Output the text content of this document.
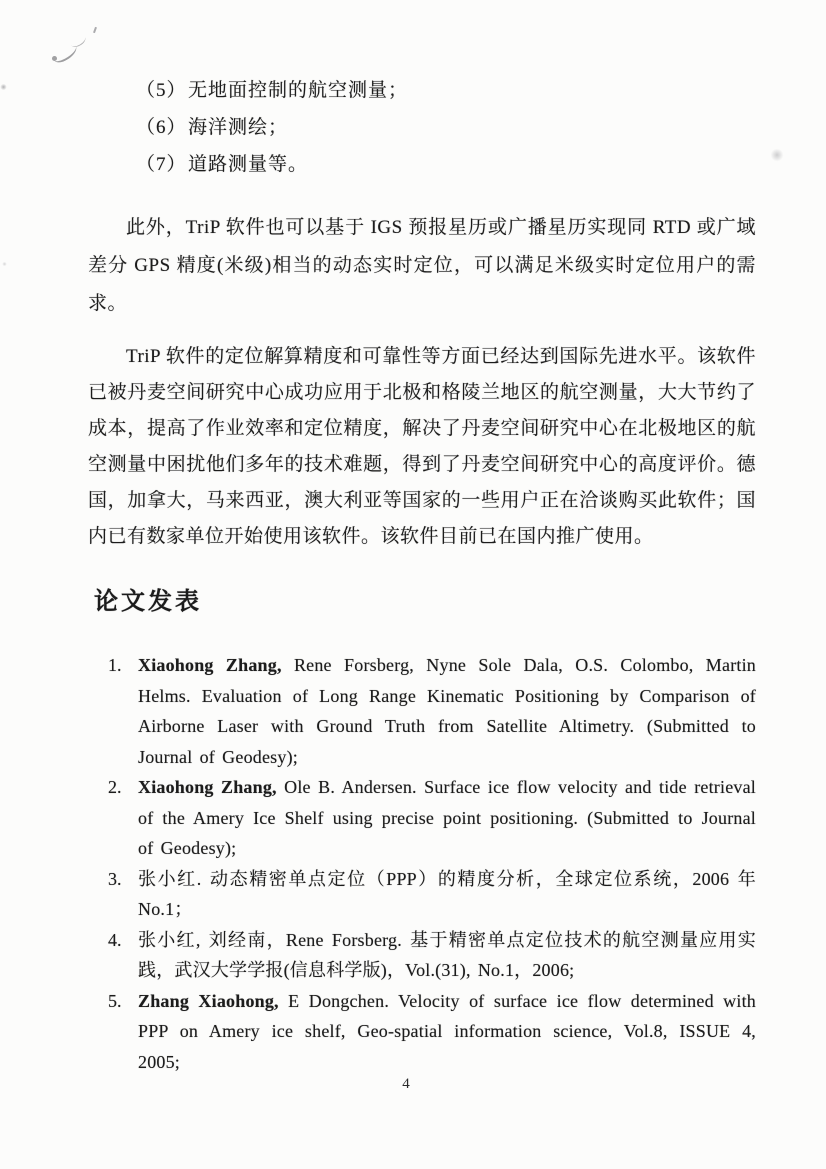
（5）无地面控制的航空测量；
（6）海洋测绘；
（7）道路测量等。

此外，TriP 软件也可以基于 IGS 预报星历或广播星历实现同 RTD 或广域差分 GPS 精度(米级)相当的动态实时定位，可以满足米级实时定位用户的需求。

TriP 软件的定位解算精度和可靠性等方面已经达到国际先进水平。该软件已被丹麦空间研究中心成功应用于北极和格陵兰地区的航空测量，大大节约了成本，提高了作业效率和定位精度，解决了丹麦空间研究中心在北极地区的航空测量中困扰他们多年的技术难题，得到了丹麦空间研究中心的高度评价。德国，加拿大，马来西亚，澳大利亚等国家的一些用户正在洽谈购买此软件；国内已有数家单位开始使用该软件。该软件目前已在国内推广使用。

论文发表
1. Xiaohong Zhang, Rene Forsberg, Nyne Sole Dala, O.S. Colombo, Martin Helms. Evaluation of Long Range Kinematic Positioning by Comparison of Airborne Laser with Ground Truth from Satellite Altimetry. (Submitted to Journal of Geodesy);
2. Xiaohong Zhang, Ole B. Andersen. Surface ice flow velocity and tide retrieval of the Amery Ice Shelf using precise point positioning. (Submitted to Journal of Geodesy);
3. 张小红. 动态精密单点定位（PPP）的精度分析，全球定位系统，2006 年 No.1；
4. 张小红, 刘经南，Rene Forsberg. 基于精密单点定位技术的航空测量应用实践，武汉大学学报(信息科学版)，Vol.(31), No.1，2006;
5. Zhang Xiaohong, E Dongchen. Velocity of surface ice flow determined with PPP on Amery ice shelf, Geo-spatial information science, Vol.8, ISSUE 4, 2005;
4
